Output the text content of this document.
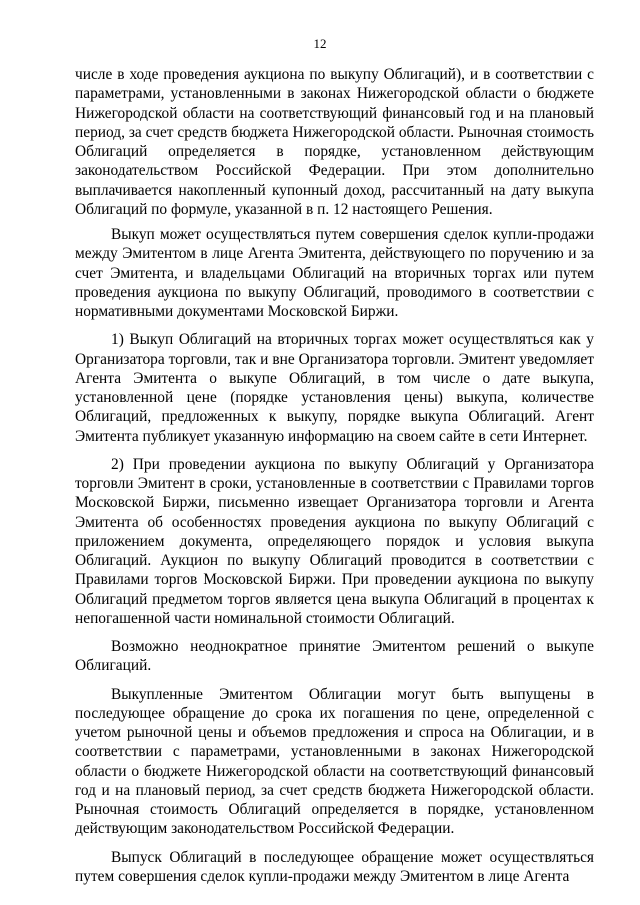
12

числе в ходе проведения аукциона по выкупу Облигаций), и в соответствии с параметрами, установленными в законах Нижегородской области о бюджете Нижегородской области на соответствующий финансовый год и на плановый период, за счет средств бюджета Нижегородской области. Рыночная стоимость Облигаций определяется в порядке, установленном действующим законодательством Российской Федерации. При этом дополнительно выплачивается накопленный купонный доход, рассчитанный на дату выкупа Облигаций по формуле, указанной в п. 12 настоящего Решения.

Выкуп может осуществляться путем совершения сделок купли-продажи между Эмитентом в лице Агента Эмитента, действующего по поручению и за счет Эмитента, и владельцами Облигаций на вторичных торгах или путем проведения аукциона по выкупу Облигаций, проводимого в соответствии с нормативными документами Московской Биржи.

1) Выкуп Облигаций на вторичных торгах может осуществляться как у Организатора торговли, так и вне Организатора торговли. Эмитент уведомляет Агента Эмитента о выкупе Облигаций, в том числе о дате выкупа, установленной цене (порядке установления цены) выкупа, количестве Облигаций, предложенных к выкупу, порядке выкупа Облигаций. Агент Эмитента публикует указанную информацию на своем сайте в сети Интернет.

2) При проведении аукциона по выкупу Облигаций у Организатора торговли Эмитент в сроки, установленные в соответствии с Правилами торгов Московской Биржи, письменно извещает Организатора торговли и Агента Эмитента об особенностях проведения аукциона по выкупу Облигаций с приложением документа, определяющего порядок и условия выкупа Облигаций. Аукцион по выкупу Облигаций проводится в соответствии с Правилами торгов Московской Биржи. При проведении аукциона по выкупу Облигаций предметом торгов является цена выкупа Облигаций в процентах к непогашенной части номинальной стоимости Облигаций.

Возможно неоднократное принятие Эмитентом решений о выкупе Облигаций.

Выкупленные Эмитентом Облигации могут быть выпущены в последующее обращение до срока их погашения по цене, определенной с учетом рыночной цены и объемов предложения и спроса на Облигации, и в соответствии с параметрами, установленными в законах Нижегородской области о бюджете Нижегородской области на соответствующий финансовый год и на плановый период, за счет средств бюджета Нижегородской области. Рыночная стоимость Облигаций определяется в порядке, установленном действующим законодательством Российской Федерации.

Выпуск Облигаций в последующее обращение может осуществляться путем совершения сделок купли-продажи между Эмитентом в лице Агента
